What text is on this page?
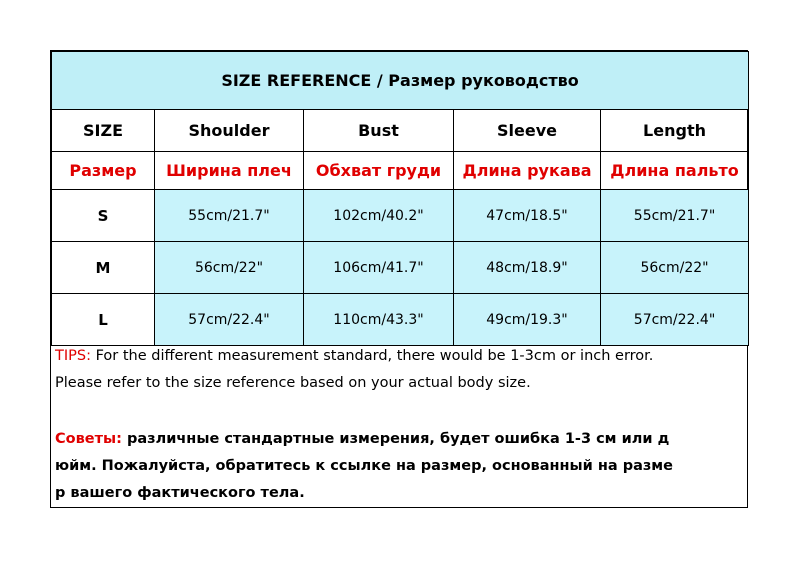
SIZE REFERENCE / Размер руководство				
SIZE	Shoulder	Bust	Sleeve	Length
Размер	Ширина плеч	Обхват груди	Длина рукава	Длина пальто
S	55cm/21.7"	102cm/40.2"	47cm/18.5"	55cm/21.7"
M	56cm/22"	106cm/41.7"	48cm/18.9"	56cm/22"
L	57cm/22.4"	110cm/43.3"	49cm/19.3"	57cm/22.4"
TIPS: For the different measurement standard, there would be 1-3cm or inch error.
Please refer to the size reference based on your actual body size.
Советы: различные стандартные измерения, будет ошибка 1-3 см или д
юйм. Пожалуйста, обратитесь к ссылке на размер, основанный на разме
р вашего фактического тела.
